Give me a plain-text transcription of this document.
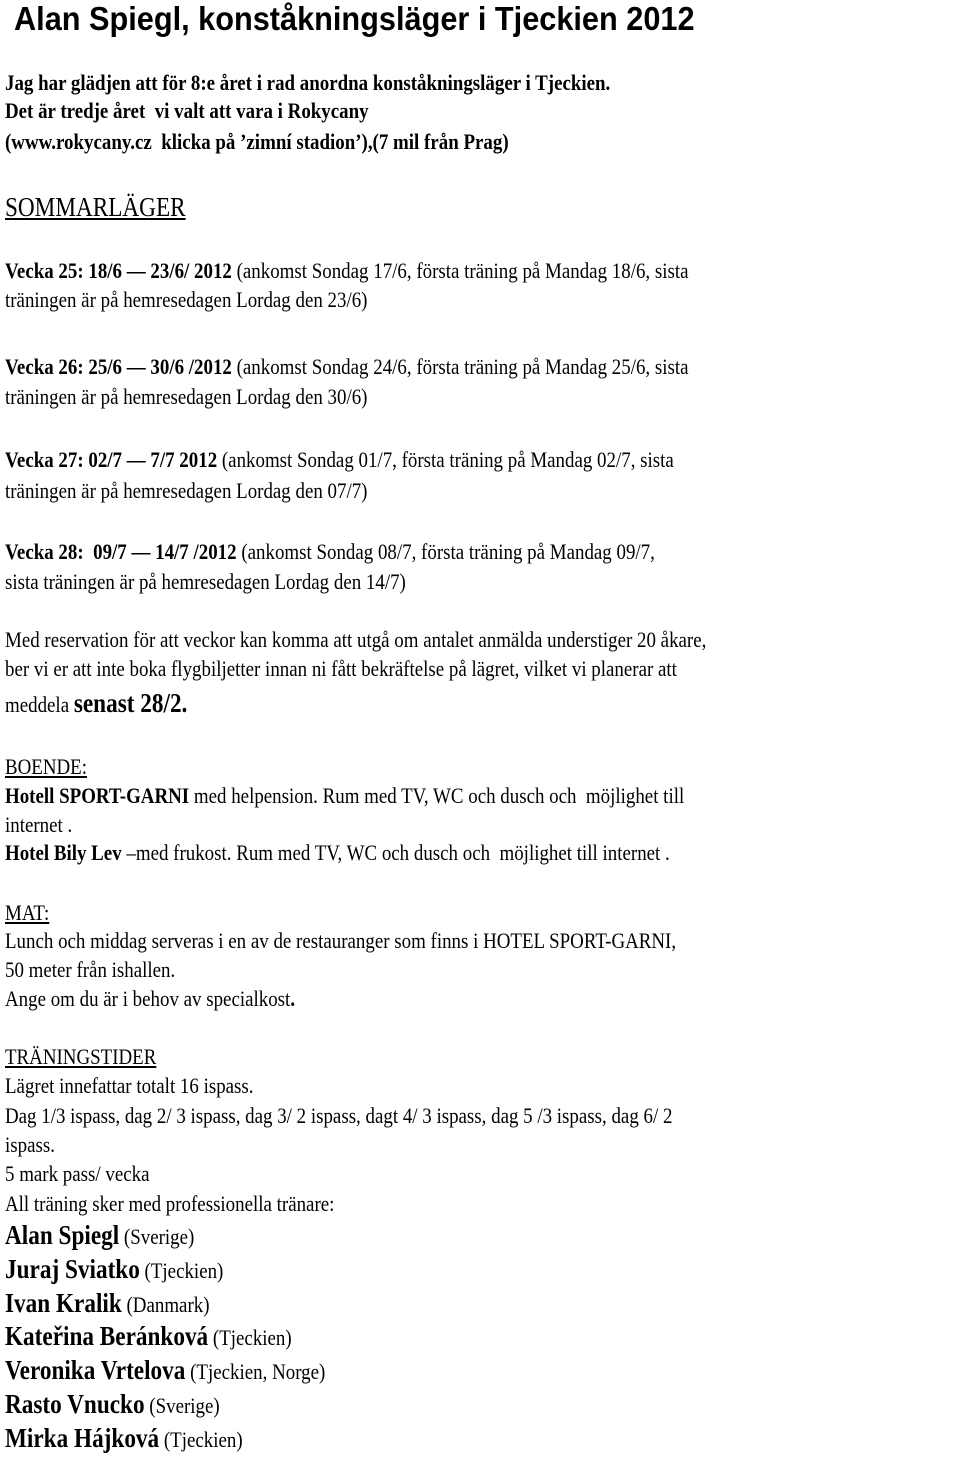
Alan Spiegl, konståkningsläger i Tjeckien 2012
Jag har glädjen att för 8:e året i rad anordna konståkningsläger i Tjeckien.
Det är tredje året  vi valt att vara i Rokycany
(www.rokycany.cz  klicka på ’zimní stadion’),(7 mil från Prag)
SOMMARLÄGER
Vecka 25: 18/6 — 23/6/ 2012 (ankomst Sondag 17/6, första träning på Mandag 18/6, sista
träningen är på hemresedagen Lordag den 23/6)
Vecka 26: 25/6 — 30/6 /2012 (ankomst Sondag 24/6, första träning på Mandag 25/6, sista
träningen är på hemresedagen Lordag den 30/6)
Vecka 27: 02/7 — 7/7 2012 (ankomst Sondag 01/7, första träning på Mandag 02/7, sista
träningen är på hemresedagen Lordag den 07/7)
Vecka 28:  09/7 — 14/7 /2012 (ankomst Sondag 08/7, första träning på Mandag 09/7,
sista träningen är på hemresedagen Lordag den 14/7)
Med reservation för att veckor kan komma att utgå om antalet anmälda understiger 20 åkare,
ber vi er att inte boka flygbiljetter innan ni fått bekräftelse på lägret, vilket vi planerar att
meddela senast 28/2.
BOENDE:
Hotell SPORT-GARNI med helpension. Rum med TV, WC och dusch och  möjlighet till
internet .
Hotel Bily Lev –med frukost. Rum med TV, WC och dusch och  möjlighet till internet .
MAT:
Lunch och middag serveras i en av de restauranger som finns i HOTEL SPORT-GARNI,
50 meter från ishallen.
Ange om du är i behov av specialkost.
TRÄNINGSTIDER
Lägret innefattar totalt 16 ispass.
Dag 1/3 ispass, dag 2/ 3 ispass, dag 3/ 2 ispass, dagt 4/ 3 ispass, dag 5 /3 ispass, dag 6/ 2
ispass.
5 mark pass/ vecka
All träning sker med professionella tränare:
Alan Spiegl (Sverige)
Juraj Sviatko (Tjeckien)
Ivan Kralik (Danmark)
Kateřina Beránková (Tjeckien)
Veronika Vrtelova (Tjeckien, Norge)
Rasto Vnucko (Sverige)
Mirka Hájková (Tjeckien)
